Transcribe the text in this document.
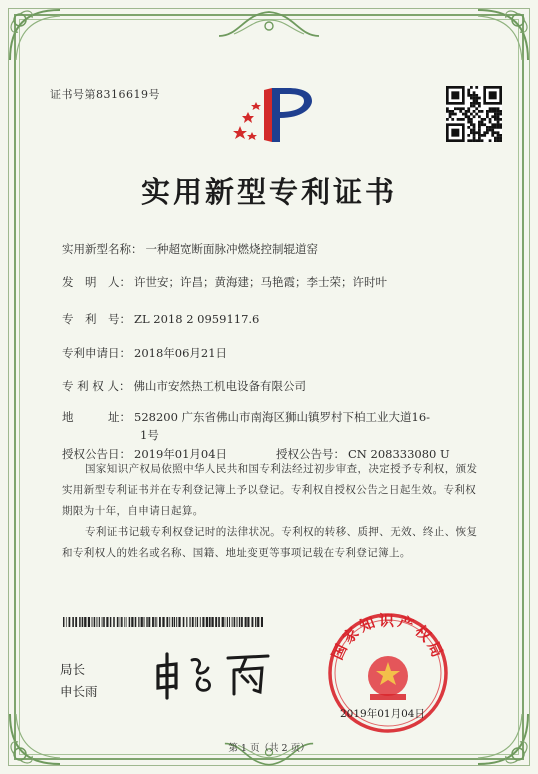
证书号第8316619号
实用新型专利证书
实用新型名称： 一种超宽断面脉冲燃烧控制辊道窑
发　明　人： 许世安；许昌；黄海建；马艳霞；李士荣；许时叶
专　利　号： ZL 2018 2 0959117.6
专利申请日： 2018年06月21日
专 利 权 人： 佛山市安然热工机电设备有限公司
地　　　址： 528200 广东省佛山市南海区狮山镇罗村下柏工业大道16-
1号
授权公告日： 2019年01月04日	授权公告号： CN 208333080 U
国家知识产权局依照中华人民共和国专利法经过初步审查，决定授予专利权，颁发实用新型专利证书并在专利登记簿上予以登记。专利权自授权公告之日起生效。专利权期限为十年，自申请日起算。
专利证书记载专利权登记时的法律状况。专利权的转移、质押、无效、终止、恢复和专利权人的姓名或名称、国籍、地址变更等事项记载在专利登记簿上。
局长
申长雨
国家知识产权局
2019年01月04日
第 1 页（共 2 页）
